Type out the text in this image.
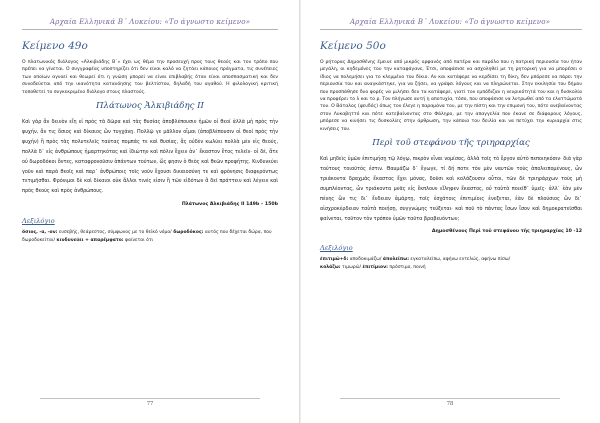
Αρχαία Ελληνικά Β΄ Λυκείου: «Το άγνωστο κείμενο»
Κείμενο 49ο

Ο πλατωνικός διάλογος «Αλκιβιάδης Β΄» έχει ως θέμα την προσευχή προς τους θεούς και τον τρόπο που πρέπει να γίνεται. Ο συγγραφέας υποστηρίζει ότι δεν είναι καλό να ζητάει κάποιος πράγματα, τις συνέπειες των οποίων αγνοεί και θεωρεί ότι η γνώση μπορεί να είναι επιβλαβής όταν είναι αποσπασματική και δεν συνοδεύεται από την ικανότητα κατανόησης του βελτίστου, δηλαδή του αγαθού. Η φιλολογική κριτική τοποθετεί το συγκεκριμένο διάλογο στους πλαστούς.

Πλάτωνος Ἀλκιβιάδης ΙΙ

Καὶ γὰρ ἂν δεινὸν εἴη εἰ πρὸς τὰ δῶρα καὶ τὰς θυσίας ἀποβλέπουσιν ἡμῶν οἱ θεοί ἀλλὰ μὴ πρὸς τὴν ψυχήν, ἄν τις ὅσιος καὶ δίκαιος ὢν τυγχάνῃ. Πολλῷ γε μᾶλλον οἶμαι (ἀποβλέπουσιν οἱ θεοί πρὸς τὴν ψυχήν) ἢ πρὸς τὰς πολυτελεῖς ταύτας πομπάς τε καὶ θυσίας, ἅς οὐδὲν κωλύει πολλὰ μὲν εἰς θεούς, πολλὰ δ᾽ εἰς ἀνθρώπους ἡμαρτηκότας καὶ ἰδιώτην καὶ πόλιν ἔχειν ἀν᾽ ἕκαστον ἔτος τελεῖν· οἱ δέ, ἅτε οὐ δωροδόκοι ὄντες, καταφρονοῦσιν ἁπάντων τούτων, ὥς φησιν ὁ θεὸς καὶ θεῶν προφήτης. Κινδυνεύει γοῦν καὶ παρὰ θεοῖς καὶ παρ᾽ ἀνθρώποις τοῖς νοῦν ἔχουσι δικαιοσύνη τε καὶ φρόνησις διαφερόντως τετιμῆσθαι. Φρόνιμοι δὲ καὶ δίκαιοι οὐκ ἄλλοι τινές εἰσιν ἢ τῶν εἰδότων ἃ δεῖ πράττειν καὶ λέγειν καὶ πρὸς θεοὺς καὶ πρὸς ἀνθρώπους.

Πλάτωνος Ἀλκιβιάδης ΙΙ 149b – 150b

Λεξιλόγιο

ὅσιος, -α, -ον: ευσεβής, θεάρεστος, σύμφωνος με το θεϊκό νόμο/ δωροδόκος: αυτός που δέχεται δώρα, που δωροδοκείται/ κινδυνεύει + απαρέμφατο: φαίνεται ότι

77
Αρχαία Ελληνικά Β΄ Λυκείου: «Το άγνωστο κείμενο»
Κείμενο 50ο

Ο ρήτορας Δημοσθένης έμεινε από μικρός ορφανός από πατέρα και παρόλο που η πατρική περιουσία του ήταν μεγάλη, οι κηδεμόνες του την καταφάγανε, Έτσι, αποφάσισε να ασχοληθεί με τη ρητορική για να μπορέσει ο ίδιος να πολεμήσει για το κλεμμένο του δίκιο. Αν και κατάφερε να κερδίσει τη δίκη, δεν μπόρεσε να πάρει την περιουσία του και αναγκάστηκε, για να ζήσει, να γράφει λόγους και να πληρώνεται. Στην εκκλησία του δήμου που προσπάθησε δυο φορές να μιλήσει δεν τα κατάφερε, γιατί τον εμπόδιζαν η νευρικότητά του και η δυσκολία να προφέρει το λ και το ρ. Τον πλήγωσε αυτή η αποτυχία, τόσο, που αποφάσισε να λυτρωθεί από τα ελαττώματά του. Ο Βάταλος (ψευδός) όπως τον έλεγε η παραμάνα του, με την πίστη και την επιμονή του, πότε ανεβαίνοντας στον Λυκαβηττό και πότε κατεβαίνοντας στο Φάληρο, με την απαγγελία που έκανε σε διάφορους λόγους, μπόρεσε να κινήσει τις δυσκολίες στην άρθρωση, την κάποια του δειλία και να πετύχει την κυριαρχία στις κινήσεις του.

Περὶ τοῦ στεφάνου τῆς τριηραρχίας

Καὶ μηδεὶς ὑμῶν ἐπιτιμήσῃ τῷ λόγῳ, πικρὸν εἶναι νομίσας, ἀλλὰ τοῖς τὸ ἔργον αὐτὸ πεποιηκόσιν· διὰ γὰρ τούτους τοιαῦτός ἐστιν. Θαυμάζω δ᾽ ἔγωγε, τί δή ποτε τὸν μὲν ναυτῶν τοὺς ἀπολειπομένους, ὧν τριάκοντα δραχμὰς ἕκαστος ἔχει μόνας, δοῦσι καὶ κολάζουσιν οὗτοι, τῶν δὲ τριηράρχων τοὺς μὴ συμπλέοντας, ὧν τριάκοντα μνᾶς εἰς ἔκπλουν εἴληφεν ἕκαστος, οὐ ταὐτὰ ποιεῖθ᾽ ὑμεῖς· ἀλλ᾽ ἐὰν μὲν πένης ὢν τις δι᾽ ἔνδειαν ἁμάρτῃ, τοῖς ἐσχάτοις ἐπιτιμίοις ἐνεξεται, ἐὰν δὲ πλούσιος ὢν δι᾽ αἰσχροκέρδειαν ταὐτὰ ποιήσῃ, συγγνώμης τεύξεται· καὶ ποῦ τὸ πάντας ἴσων ἴσον καὶ δημοκρατεῖσθαι φαίνεται, τοῦτον τὸν τρόπον ὑμῶν ταῦτα βραβευόντων;

Δημοσθένους Περὶ τοῦ στεφάνου τῆς τριηραρχίας 10 -12

Λεξιλόγιο

ἐπιτιμῶ+δ: αποδοκιμάζω/ ἀπολείπω: εγκαταλείπω, αφήνω εντελώς, αφήνω πίσω/
κολάζω: τιμωρώ/ ἐπιτίμιον: πρόστιμο, ποινή

78
